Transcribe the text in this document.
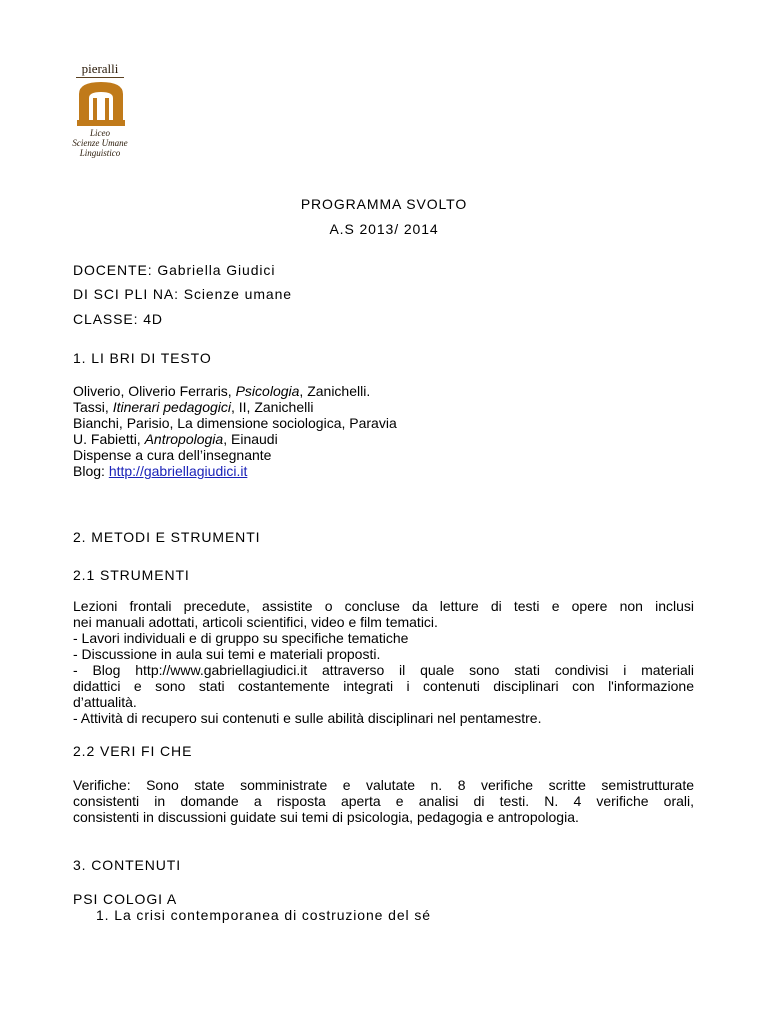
pieralli
Liceo
Scienze Umane
Linguistico
PROGRAMMA SVOLTO
A.S 2013/ 2014
DOCENTE: Gabriella Giudici
DI SCI PLI NA: Scienze umane
CLASSE: 4D
1. LI BRI DI TESTO
Oliverio, Oliverio Ferraris, Psicologia, Zanichelli.
Tassi, Itinerari pedagogici, II, Zanichelli
Bianchi, Parisio, La dimensione sociologica, Paravia
U. Fabietti, Antropologia, Einaudi
Dispense a cura dell’insegnante
Blog: http://gabriellagiudici.it
2. METODI E STRUMENTI
2.1 STRUMENTI

Lezioni frontali precedute, assistite o concluse da letture di testi e opere non inclusi

nei manuali adottati, articoli scientifici, video e film tematici.

- Lavori individuali e di gruppo su specifiche tematiche

- Discussione in aula sui temi e materiali proposti.

- Blog http://www.gabriellagiudici.it attraverso il quale sono stati condivisi i materiali

didattici e sono stati costantemente integrati i contenuti disciplinari con l'informazione

d’attualità.

- Attività di recupero sui contenuti e sulle abilità disciplinari nel pentamestre.

2.2 VERI FI CHE

Verifiche: Sono state somministrate e valutate n. 8 verifiche scritte semistrutturate

consistenti in domande a risposta aperta e analisi di testi. N. 4 verifiche orali,

consistenti in discussioni guidate sui temi di psicologia, pedagogia e antropologia.

3. CONTENUTI
PSI COLOGI A
1. La crisi contemporanea di costruzione del sé
